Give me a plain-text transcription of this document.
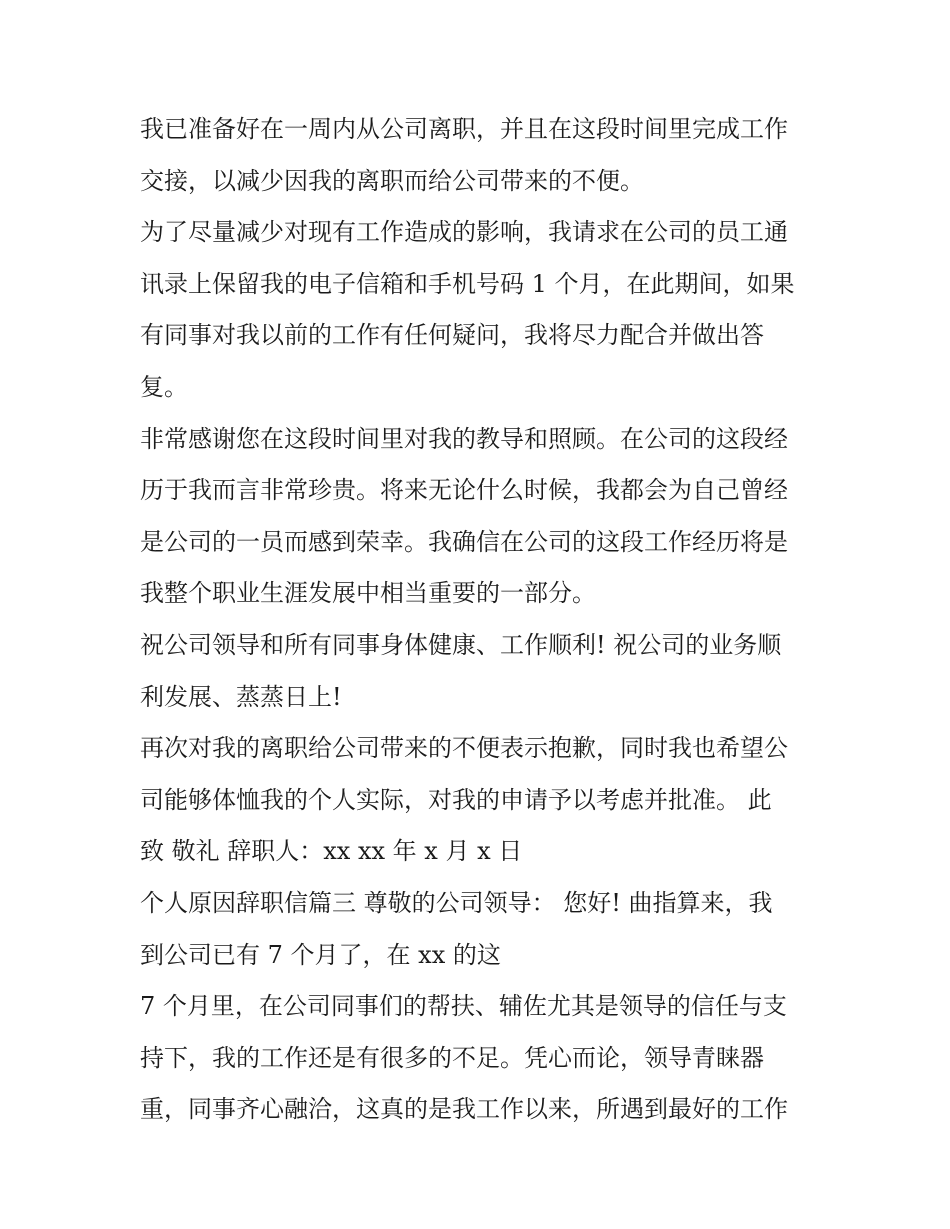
我已准备好在一周内从公司离职，并且在这段时间里完成工作
交接，以减少因我的离职而给公司带来的不便。
为了尽量减少对现有工作造成的影响，我请求在公司的员工通
讯录上保留我的电子信箱和手机号码 1 个月，在此期间，如果
有同事对我以前的工作有任何疑问，我将尽力配合并做出答
复。
非常感谢您在这段时间里对我的教导和照顾。在公司的这段经
历于我而言非常珍贵。将来无论什么时候，我都会为自己曾经
是公司的一员而感到荣幸。我确信在公司的这段工作经历将是
我整个职业生涯发展中相当重要的一部分。
祝公司领导和所有同事身体健康、工作顺利! 祝公司的业务顺
利发展、蒸蒸日上!
再次对我的离职给公司带来的不便表示抱歉，同时我也希望公
司能够体恤我的个人实际，对我的申请予以考虑并批准。 此
致 敬礼 辞职人：xx xx 年 x 月 x 日
个人原因辞职信篇三 尊敬的公司领导： 您好! 曲指算来，我
到公司已有 7 个月了，在 xx 的这
7 个月里，在公司同事们的帮扶、辅佐尤其是领导的信任与支
持下，我的工作还是有很多的不足。凭心而论，领导青睐器
重，同事齐心融洽，这真的是我工作以来，所遇到最好的工作
